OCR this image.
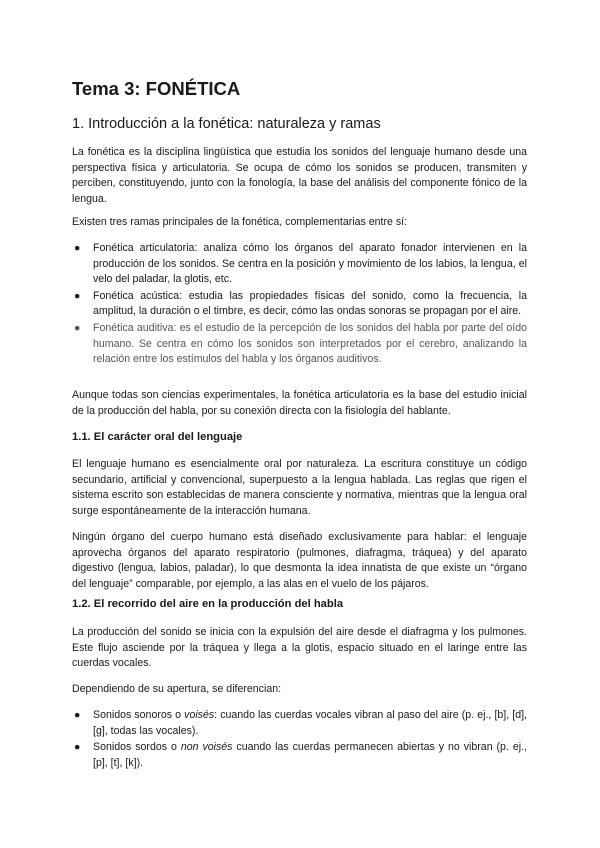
Tema 3: FONÉTICA
1. Introducción a la fonética: naturaleza y ramas

La fonética es la disciplina lingüística que estudia los sonidos del lenguaje humano desde una perspectiva física y articulatoria. Se ocupa de cómo los sonidos se producen, transmiten y perciben, constituyendo, junto con la fonología, la base del análisis del componente fónico de la lengua.

Existen tres ramas principales de la fonética, complementarias entre sí:

● Fonética articulatoria: analiza cómo los órganos del aparato fonador intervienen en la producción de los sonidos. Se centra en la posición y movimiento de los labios, la lengua, el velo del paladar, la glotis, etc.
● Fonética acústica: estudia las propiedades físicas del sonido, como la frecuencia, la amplitud, la duración o el timbre, es decir, cómo las ondas sonoras se propagan por el aire.
● Fonética auditiva: es el estudio de la percepción de los sonidos del habla por parte del oído humano. Se centra en cómo los sonidos son interpretados por el cerebro, analizando la relación entre los estímulos del habla y los órganos auditivos.

Aunque todas son ciencias experimentales, la fonética articulatoria es la base del estudio inicial de la producción del habla, por su conexión directa con la fisiología del hablante.

1.1. El carácter oral del lenguaje

El lenguaje humano es esencialmente oral por naturaleza. La escritura constituye un código secundario, artificial y convencional, superpuesto a la lengua hablada. Las reglas que rigen el sistema escrito son establecidas de manera consciente y normativa, mientras que la lengua oral surge espontáneamente de la interacción humana.

Ningún órgano del cuerpo humano está diseñado exclusivamente para hablar: el lenguaje aprovecha órganos del aparato respiratorio (pulmones, diafragma, tráquea) y del aparato digestivo (lengua, labios, paladar), lo que desmonta la idea innatista de que existe un “órgano del lenguaje” comparable, por ejemplo, a las alas en el vuelo de los pájaros.

1.2. El recorrido del aire en la producción del habla

La producción del sonido se inicia con la expulsión del aire desde el diafragma y los pulmones. Este flujo asciende por la tráquea y llega a la glotis, espacio situado en el laringe entre las cuerdas vocales.

Dependiendo de su apertura, se diferencian:

● Sonidos sonoros o voisés: cuando las cuerdas vocales vibran al paso del aire (p. ej., [b], [d], [g], todas las vocales).
● Sonidos sordos o non voisés cuando las cuerdas permanecen abiertas y no vibran (p. ej., [p], [t], [k]).
